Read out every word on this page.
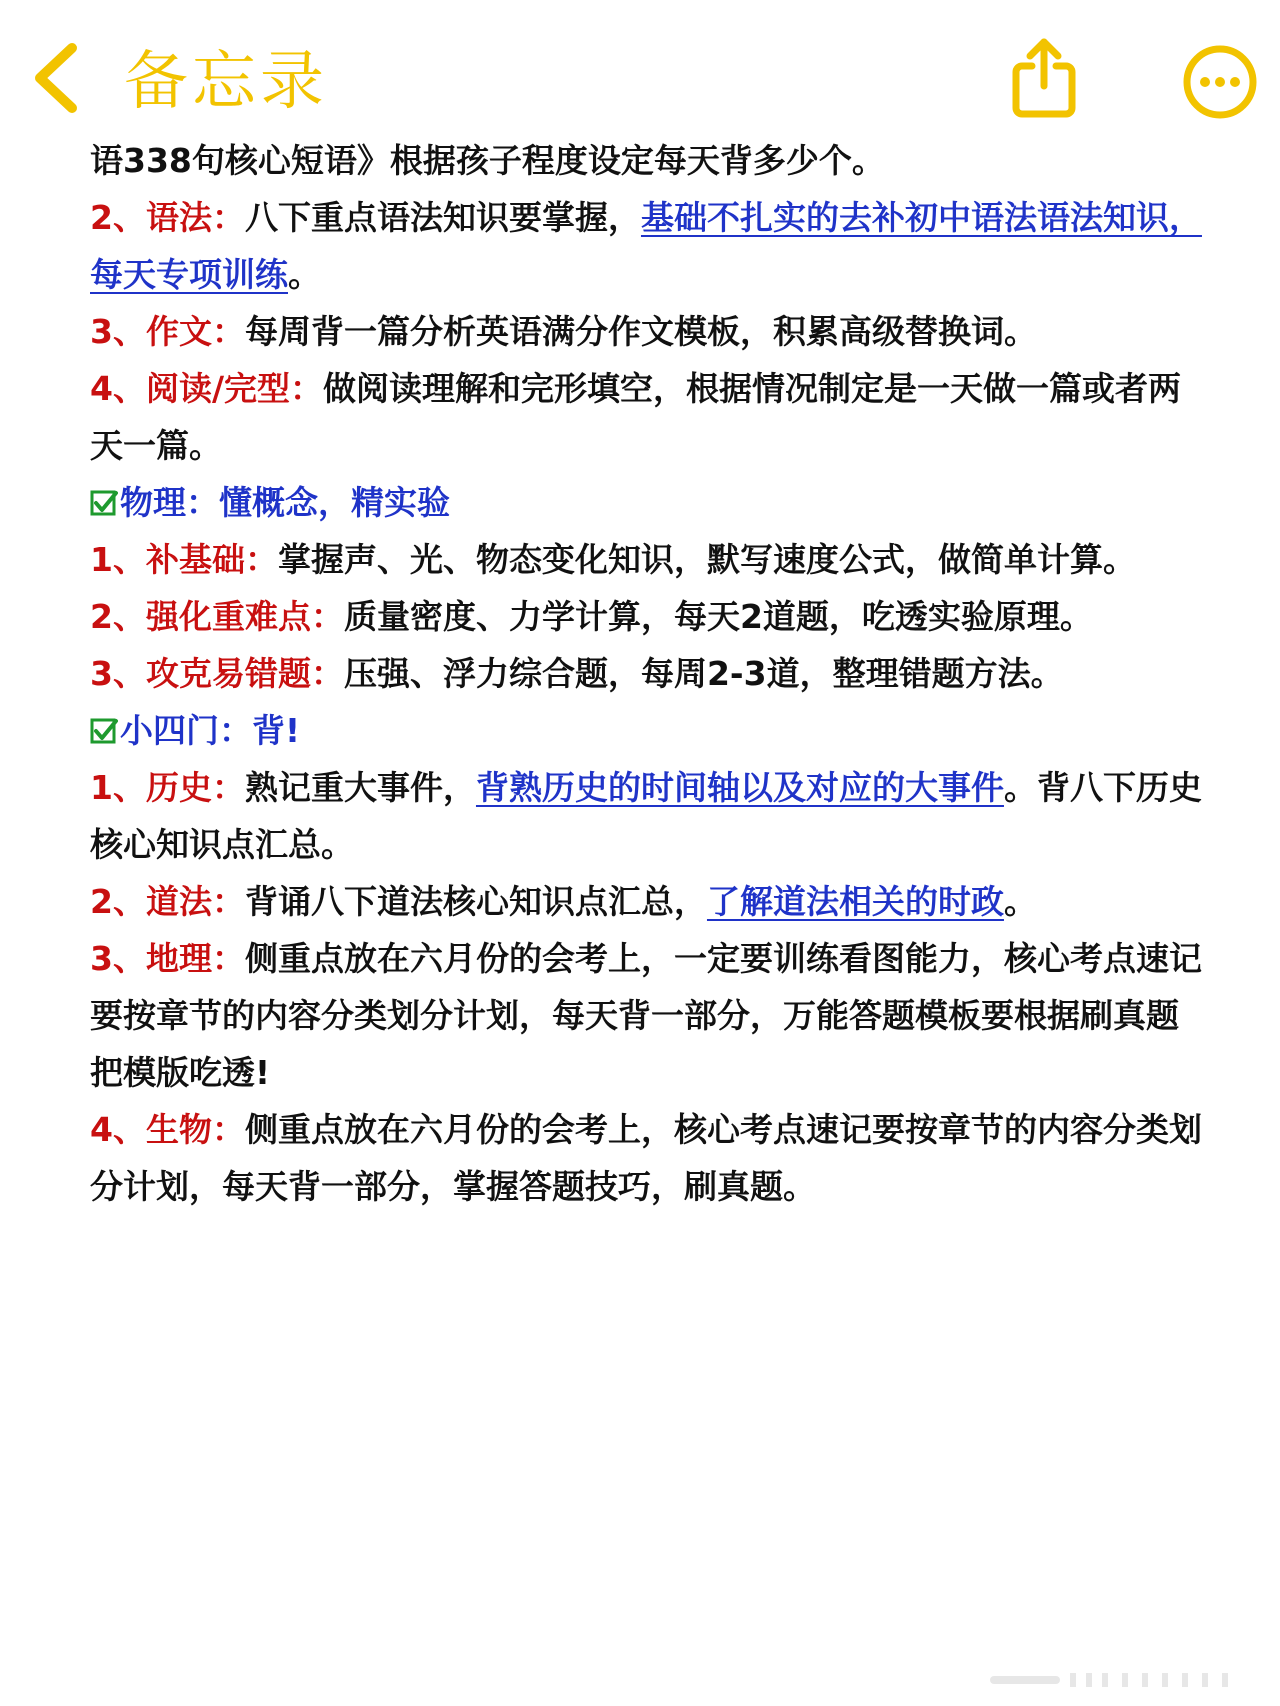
备忘录
语338句核心短语》根据孩子程度设定每天背多少个。
2、语法：八下重点语法知识要掌握，基础不扎实的去补初中语法语法知识，
每天专项训练。
3、作文：每周背一篇分析英语满分作文模板，积累高级替换词。
4、阅读/完型：做阅读理解和完形填空，根据情况制定是一天做一篇或者两
天一篇。
物理：懂概念，精实验
1、补基础：掌握声、光、物态变化知识，默写速度公式，做简单计算。
2、强化重难点：质量密度、力学计算，每天2道题，吃透实验原理。
3、攻克易错题：压强、浮力综合题，每周2-3道，整理错题方法。
小四门：背!
1、历史：熟记重大事件，背熟历史的时间轴以及对应的大事件。背八下历史
核心知识点汇总。
2、道法：背诵八下道法核心知识点汇总，了解道法相关的时政。
3、地理：侧重点放在六月份的会考上，一定要训练看图能力，核心考点速记
要按章节的内容分类划分计划，每天背一部分，万能答题模板要根据刷真题
把模版吃透!
4、生物：侧重点放在六月份的会考上，核心考点速记要按章节的内容分类划
分计划，每天背一部分，掌握答题技巧，刷真题。
